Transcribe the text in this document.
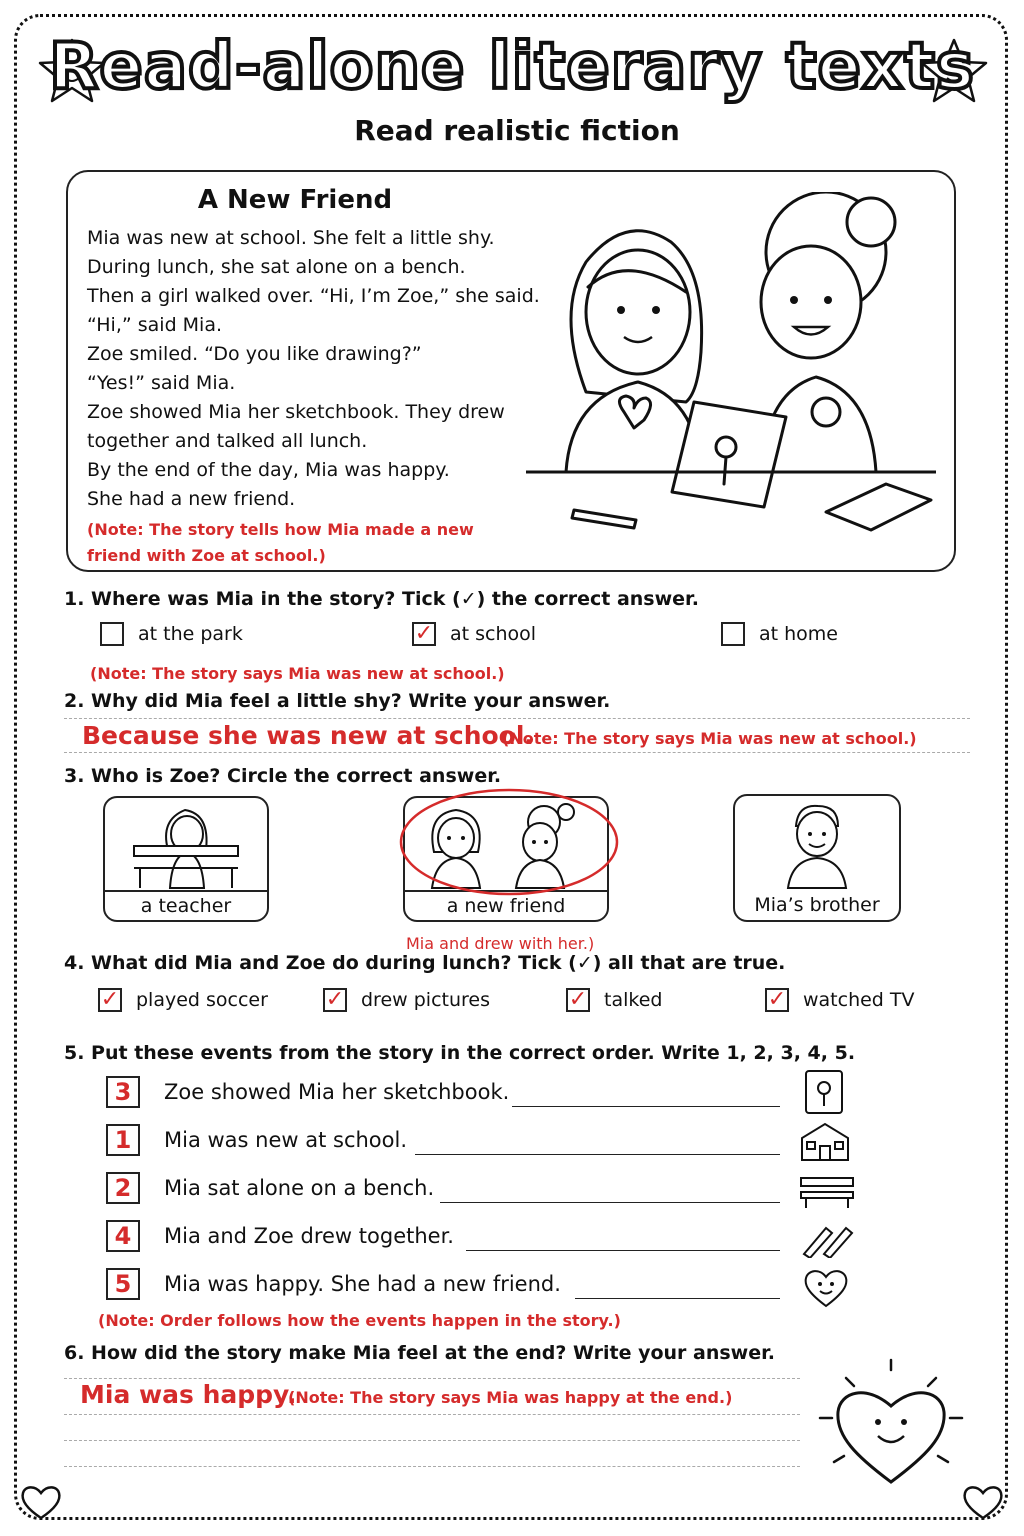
Read-alone literary texts
Read realistic fiction
A New Friend
Mia was new at school. She felt a little shy.
During lunch, she sat alone on a bench.
Then a girl walked over. “Hi, I’m Zoe,” she said.
“Hi,” said Mia.
Zoe smiled. “Do you like drawing?”
“Yes!” said Mia.
Zoe showed Mia her sketchbook. They drew
together and talked all lunch.
By the end of the day, Mia was happy.
She had a new friend.
(Note: The story tells how Mia made a new
friend with Zoe at school.)
1. Where was Mia in the story? Tick (✓) the correct answer.
at the park	✓ at school	at home
(Note: The story says Mia was new at school.)
2. Why did Mia feel a little shy? Write your answer.
Because she was new at school.
(Note: The story says Mia was new at school.)
3. Who is Zoe? Circle the correct answer.
a teacher	a new friend	Mia’s brother
Mia and drew with her.)
4. What did Mia and Zoe do during lunch? Tick (✓) all that are true.
✓ played soccer	✓ drew pictures	✓ talked	✓ watched TV
5. Put these events from the story in the correct order. Write 1, 2, 3, 4, 5.
3	Zoe showed Mia her sketchbook.
1	Mia was new at school.
2	Mia sat alone on a bench.
4	Mia and Zoe drew together.
5	Mia was happy. She had a new friend.
(Note: Order follows how the events happen in the story.)
6. How did the story make Mia feel at the end? Write your answer.
Mia was happy.
(Note: The story says Mia was happy at the end.)
